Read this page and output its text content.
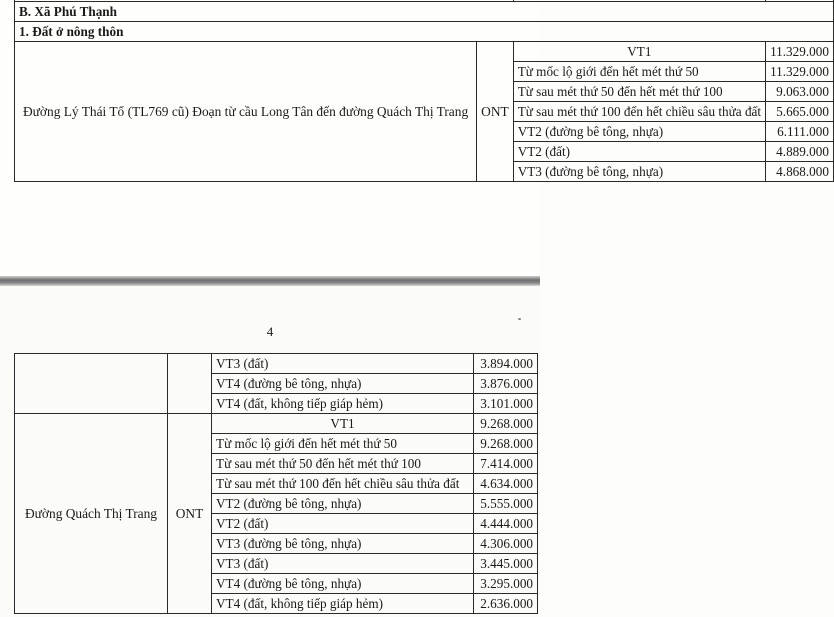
B. Xã Phú Thạnh			
1. Đất ở nông thôn			
Đường Lý Thái Tổ (TL769 cũ) Đoạn từ cầu Long Tân đến đường Quách Thị Trang	ONT	VT1	11.329.000
		Từ mốc lộ giới đến hết mét thứ 50	11.329.000
		Từ sau mét thứ 50 đến hết mét thứ 100	9.063.000
		Từ sau mét thứ 100 đến hết chiều sâu thửa đất	5.665.000
		VT2 (đường bê tông, nhựa)	6.111.000
		VT2 (đất)	4.889.000
		VT3 (đường bê tông, nhựa)	4.868.000
4
		VT3 (đất)	3.894.000
		VT4 (đường bê tông, nhựa)	3.876.000
		VT4 (đất, không tiếp giáp hẻm)	3.101.000
Đường Quách Thị Trang	ONT	VT1	9.268.000
		Từ mốc lộ giới đến hết mét thứ 50	9.268.000
		Từ sau mét thứ 50 đến hết mét thứ 100	7.414.000
		Từ sau mét thứ 100 đến hết chiều sâu thửa đất	4.634.000
		VT2 (đường bê tông, nhựa)	5.555.000
		VT2 (đất)	4.444.000
		VT3 (đường bê tông, nhựa)	4.306.000
		VT3 (đất)	3.445.000
		VT4 (đường bê tông, nhựa)	3.295.000
		VT4 (đất, không tiếp giáp hẻm)	2.636.000
